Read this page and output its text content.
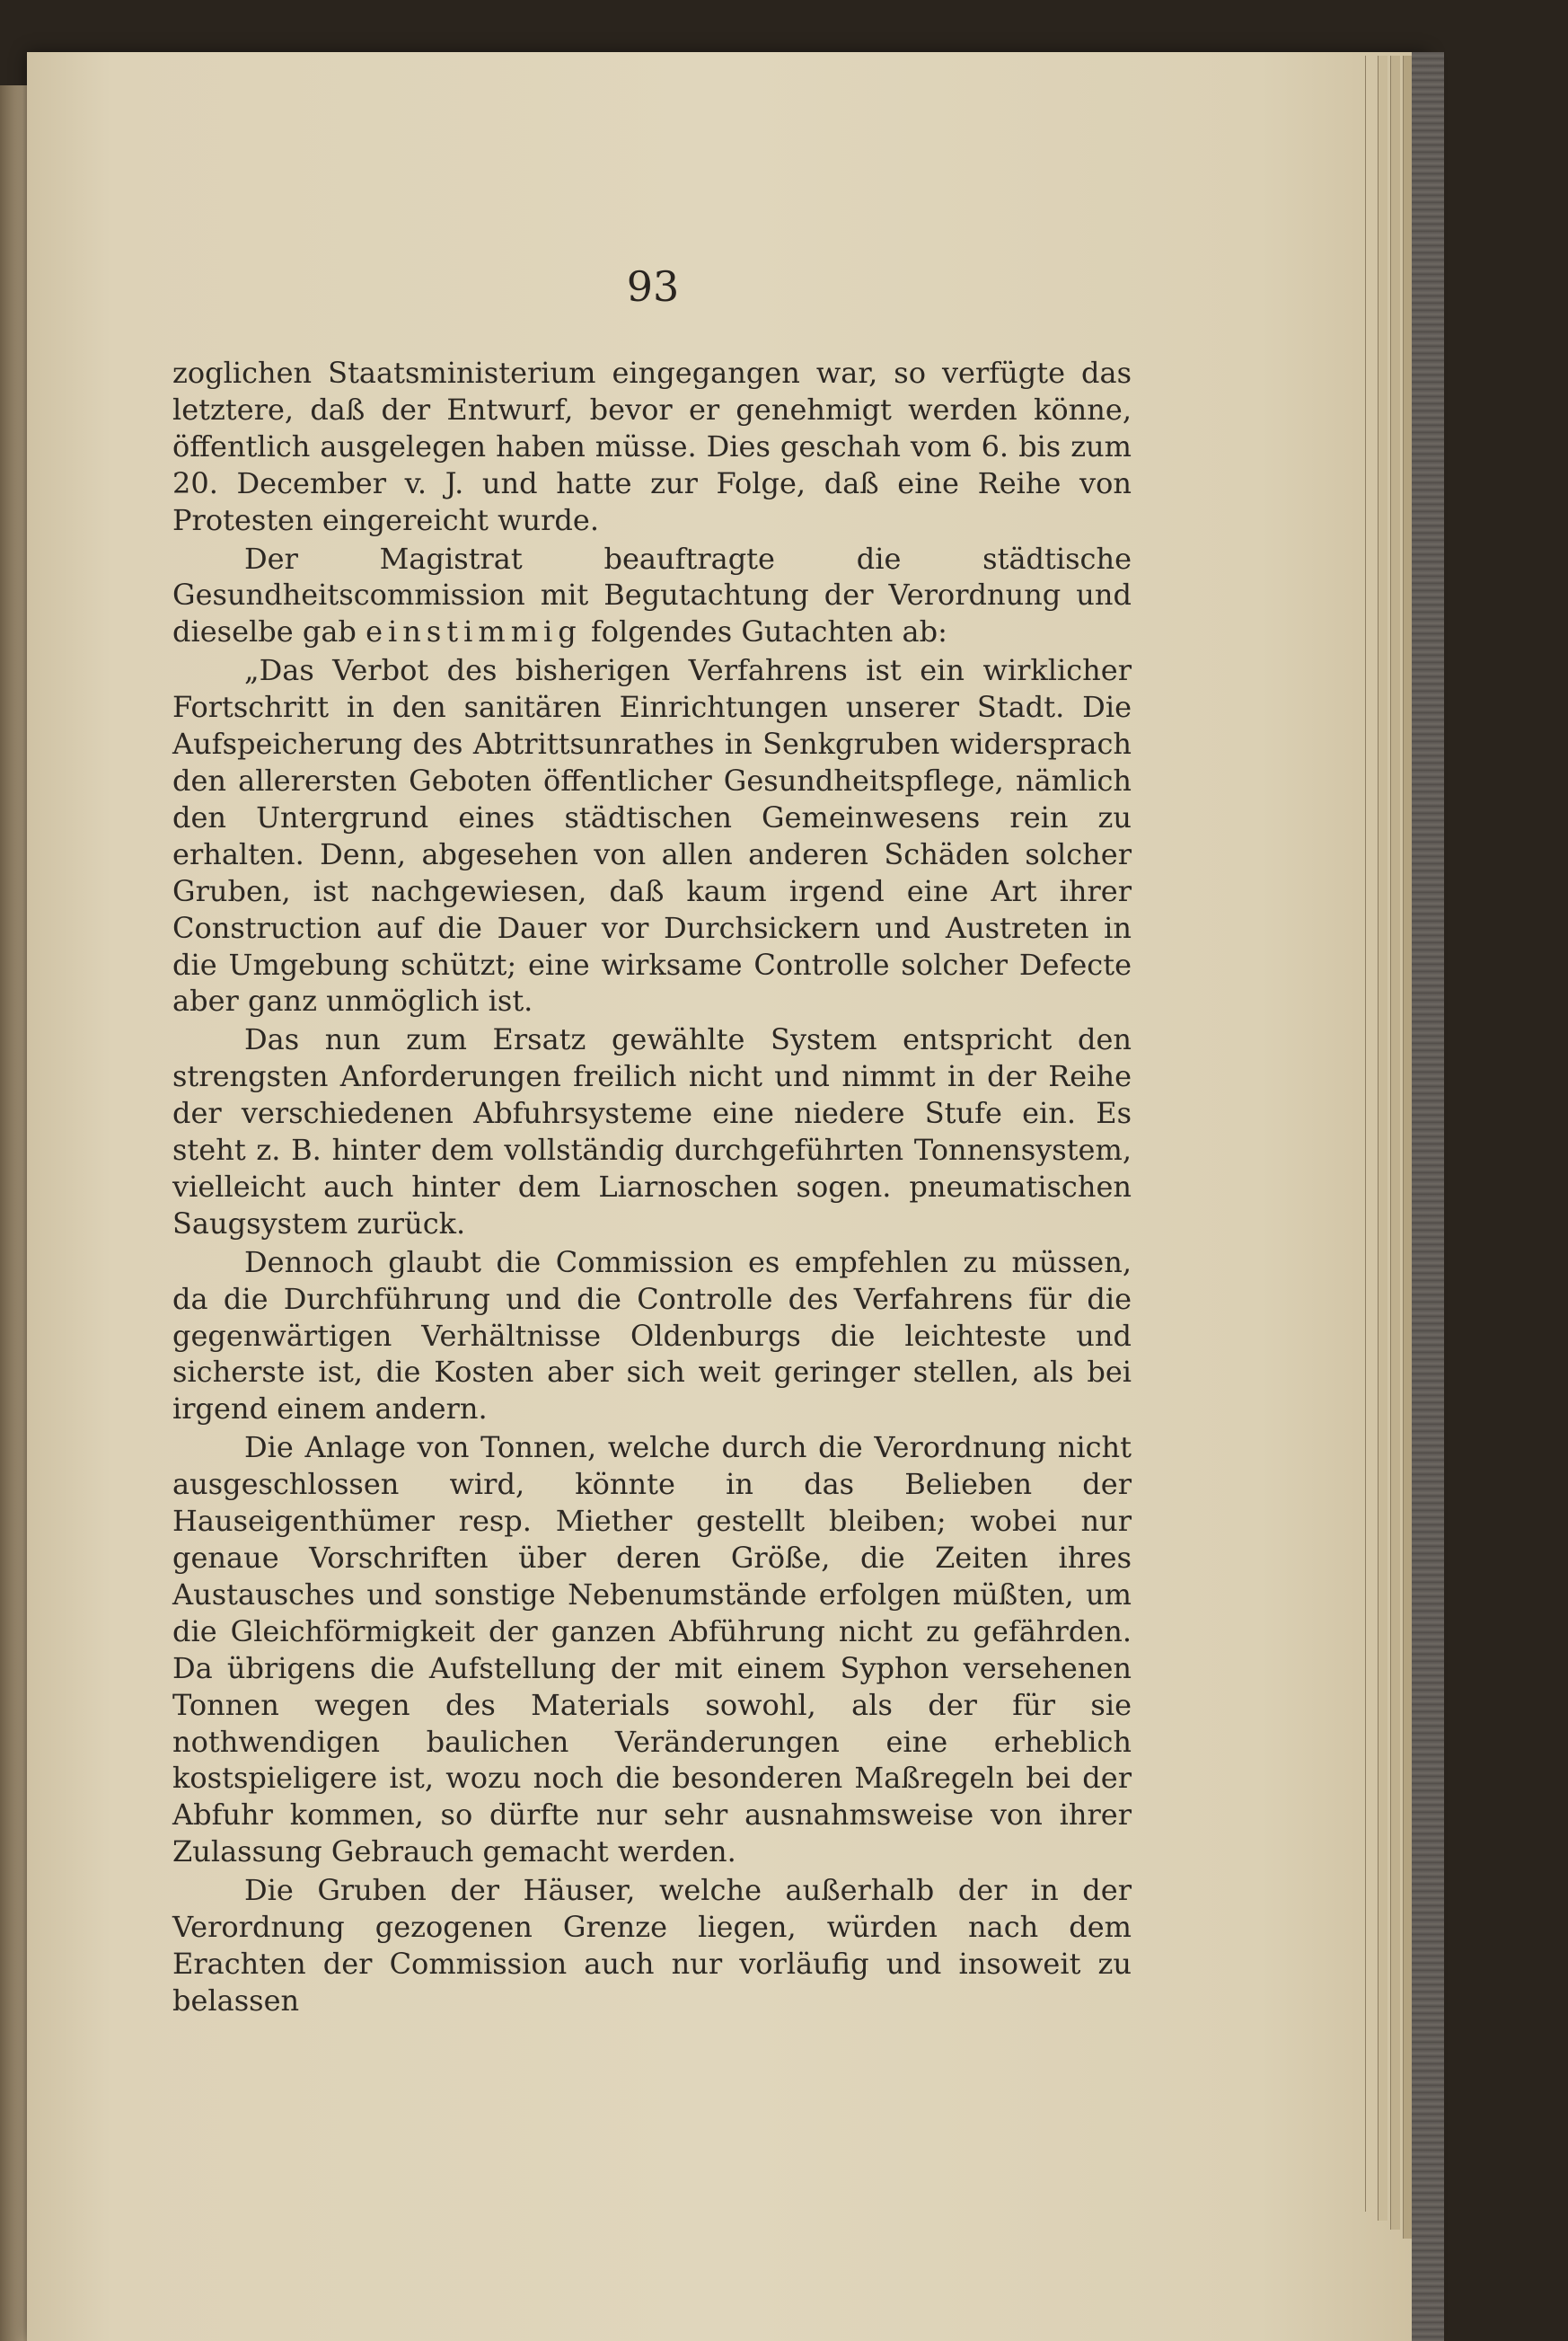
93

zoglichen Staatsministerium eingegangen war, so verfügte das letztere, daß der Entwurf, bevor er genehmigt werden könne, öffentlich ausgelegen haben müsse. Dies geschah vom 6. bis zum 20. December v. J. und hatte zur Folge, daß eine Reihe von Protesten eingereicht wurde.

Der Magistrat beauftragte die städtische Gesundheitscommission mit Begutachtung der Verordnung und dieselbe gab einstimmig folgendes Gutachten ab:

„Das Verbot des bisherigen Verfahrens ist ein wirklicher Fortschritt in den sanitären Einrichtungen unserer Stadt. Die Aufspeicherung des Abtrittsunrathes in Senkgruben widersprach den allerersten Geboten öffentlicher Gesundheitspflege, nämlich den Untergrund eines städtischen Gemeinwesens rein zu erhalten. Denn, abgesehen von allen anderen Schäden solcher Gruben, ist nachgewiesen, daß kaum irgend eine Art ihrer Construction auf die Dauer vor Durchsickern und Austreten in die Umgebung schützt; eine wirksame Controlle solcher Defecte aber ganz unmöglich ist.

Das nun zum Ersatz gewählte System entspricht den strengsten Anforderungen freilich nicht und nimmt in der Reihe der verschiedenen Abfuhrsysteme eine niedere Stufe ein. Es steht z. B. hinter dem vollständig durchgeführten Tonnensystem, vielleicht auch hinter dem Liarnoschen sogen. pneumatischen Saugsystem zurück.

Dennoch glaubt die Commission es empfehlen zu müssen, da die Durchführung und die Controlle des Verfahrens für die gegenwärtigen Verhältnisse Oldenburgs die leichteste und sicherste ist, die Kosten aber sich weit geringer stellen, als bei irgend einem andern.

Die Anlage von Tonnen, welche durch die Verordnung nicht ausgeschlossen wird, könnte in das Belieben der Hauseigenthümer resp. Miether gestellt bleiben; wobei nur genaue Vorschriften über deren Größe, die Zeiten ihres Austausches und sonstige Nebenumstände erfolgen müßten, um die Gleichförmigkeit der ganzen Abführung nicht zu gefährden. Da übrigens die Aufstellung der mit einem Syphon versehenen Tonnen wegen des Materials sowohl, als der für sie nothwendigen baulichen Veränderungen eine erheblich kostspieligere ist, wozu noch die besonderen Maßregeln bei der Abfuhr kommen, so dürfte nur sehr ausnahmsweise von ihrer Zulassung Gebrauch gemacht werden.

Die Gruben der Häuser, welche außerhalb der in der Verordnung gezogenen Grenze liegen, würden nach dem Erachten der Commission auch nur vorläufig und insoweit zu belassen
